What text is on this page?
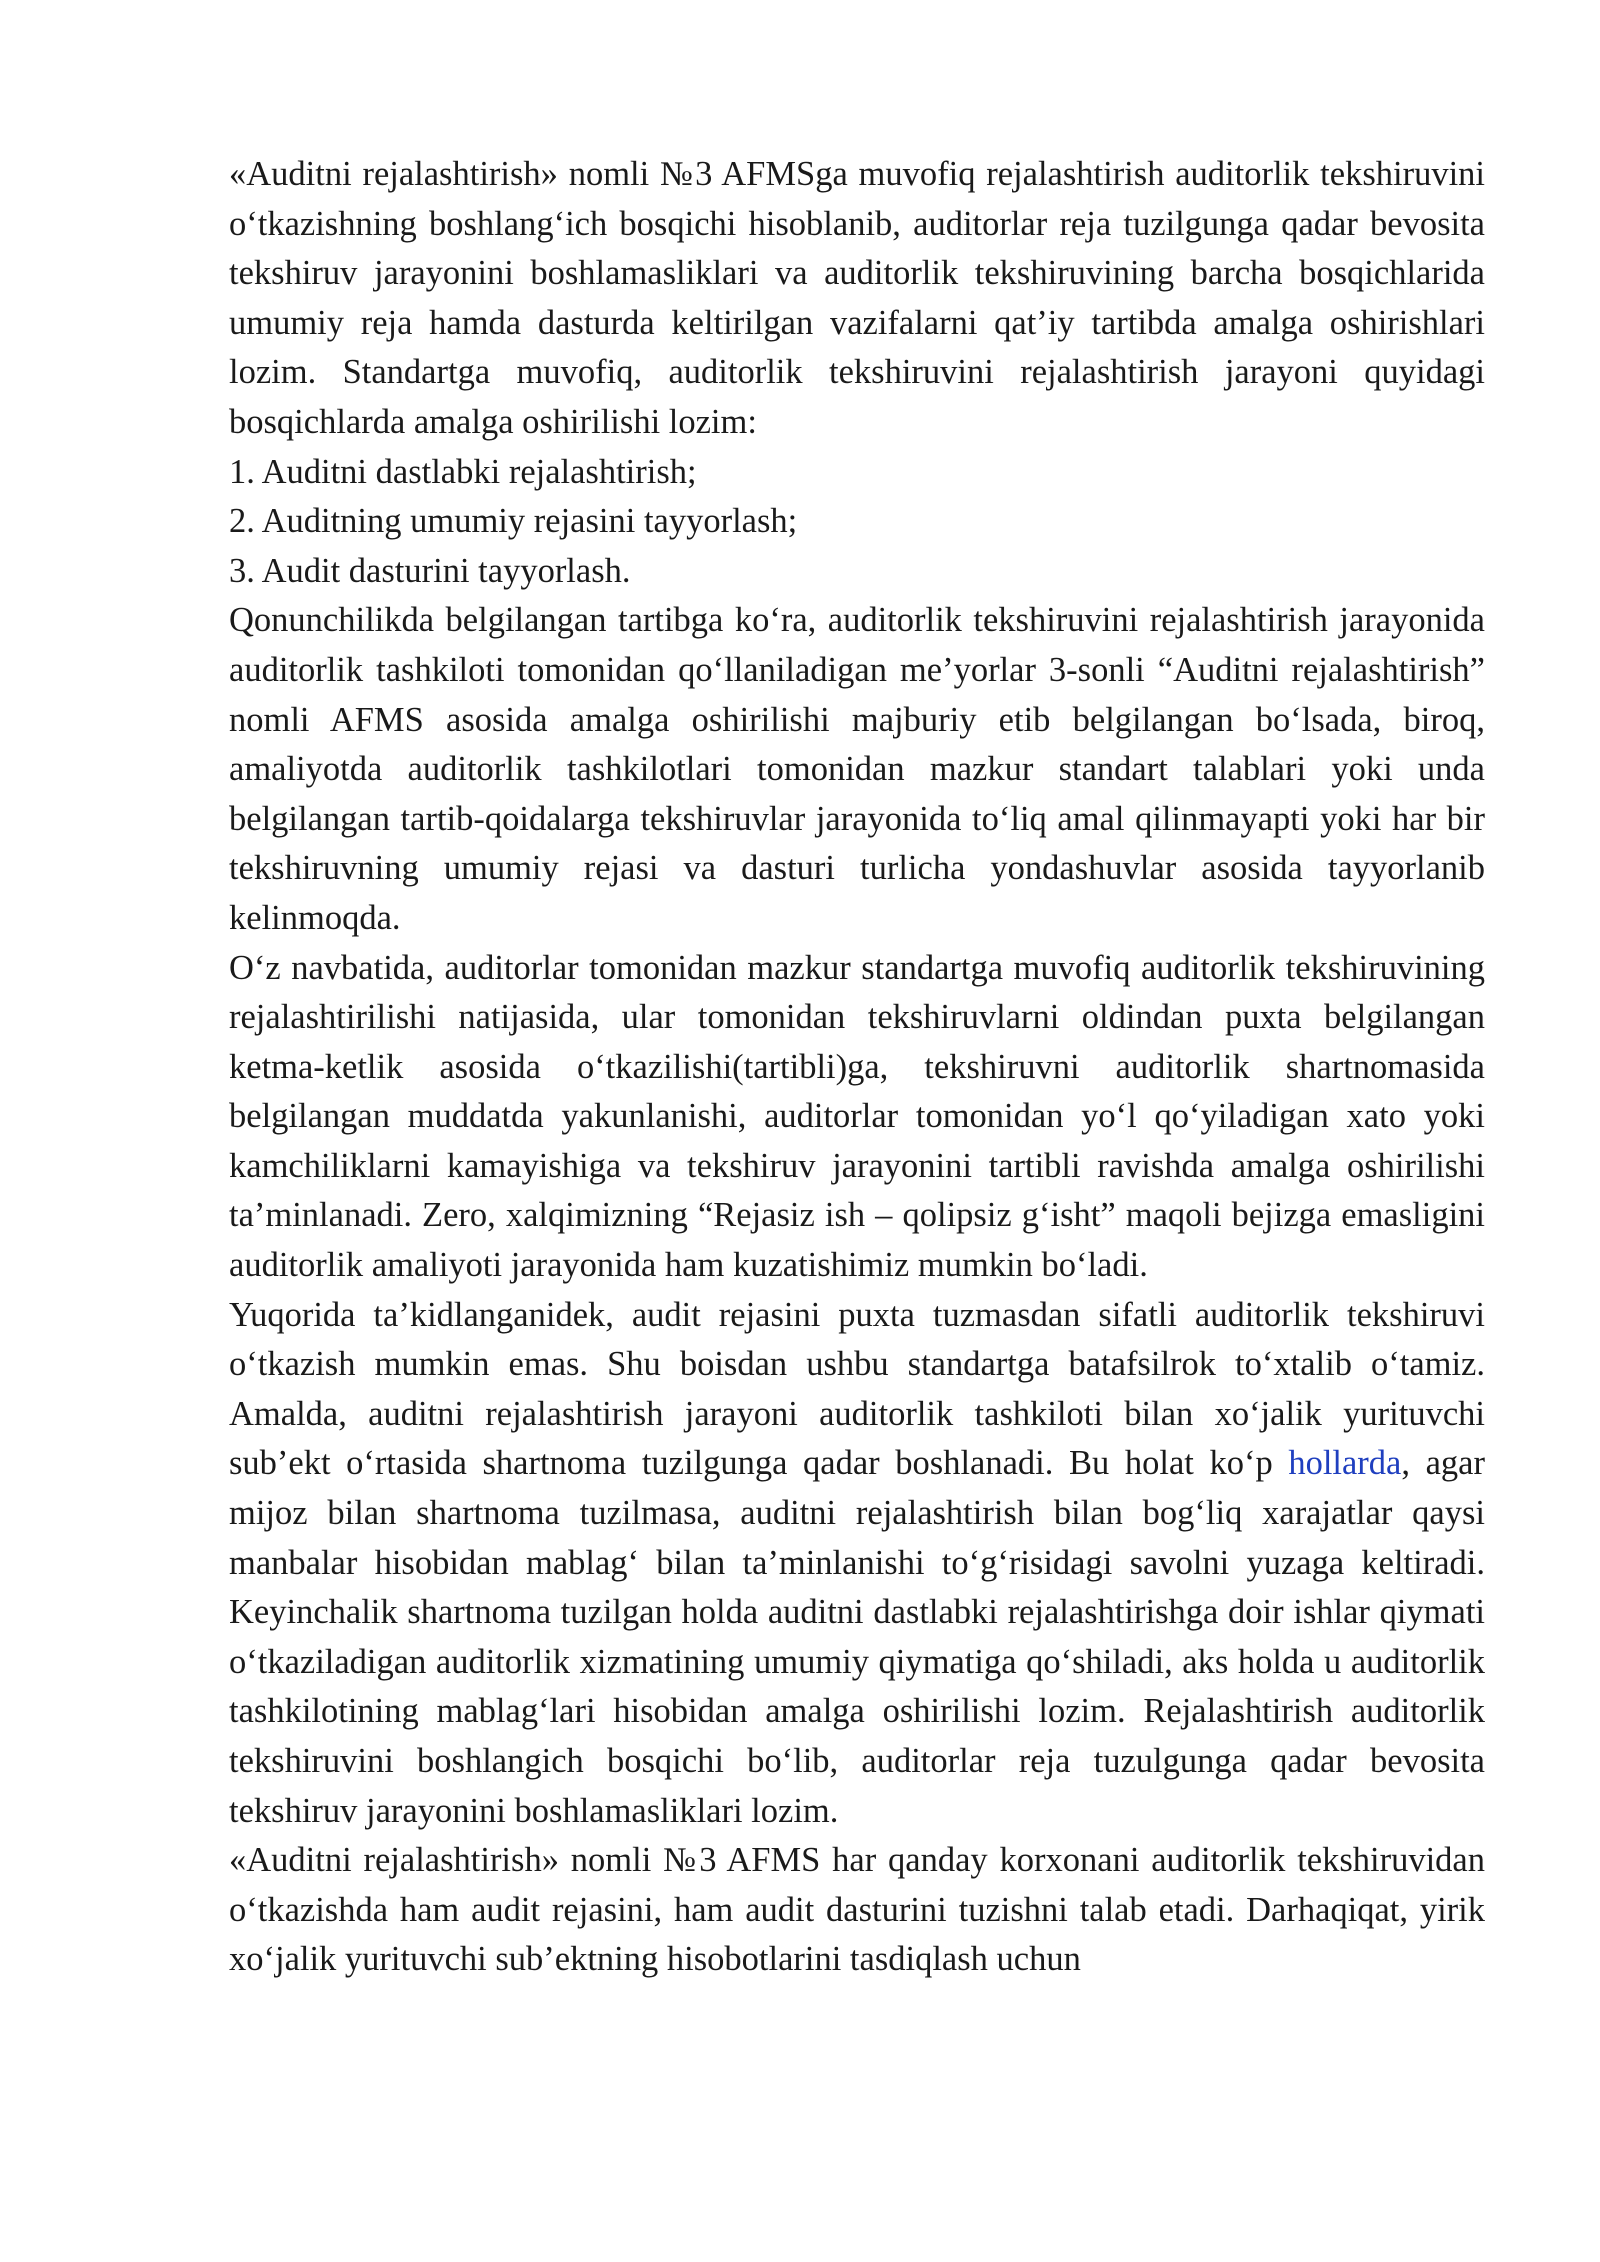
«Auditni rejalashtirish» nomli №3 AFMSga muvofiq rejalashtirish auditorlik tekshiruvini o‘tkazishning boshlang‘ich bosqichi hisoblanib, auditorlar reja tuzilgunga qadar bevosita tekshiruv jarayonini boshlamasliklari va auditorlik tekshiruvining barcha bosqichlarida umumiy reja hamda dasturda keltirilgan vazifalarni qat’iy tartibda amalga oshirishlari lozim. Standartga muvofiq, auditorlik tekshiruvini rejalashtirish jarayoni quyidagi bosqichlarda amalga oshirilishi lozim:

1. Auditni dastlabki rejalashtirish;

2. Auditning umumiy rejasini tayyorlash;

3. Audit dasturini tayyorlash.

Qonunchilikda belgilangan tartibga ko‘ra, auditorlik tekshiruvini rejalashtirish jarayonida auditorlik tashkiloti tomonidan qo‘llaniladigan me’yorlar 3-sonli “Auditni rejalashtirish” nomli AFMS asosida amalga oshirilishi majburiy etib belgilangan bo‘lsada, biroq, amaliyotda auditorlik tashkilotlari tomonidan mazkur standart talablari yoki unda belgilangan tartib-qoidalarga tekshiruvlar jarayonida to‘liq amal qilinmayapti yoki har bir tekshiruvning umumiy rejasi va dasturi turlicha yondashuvlar asosida tayyorlanib kelinmoqda.

O‘z navbatida, auditorlar tomonidan mazkur standartga muvofiq auditorlik tekshiruvining rejalashtirilishi natijasida, ular tomonidan tekshiruvlarni oldindan puxta belgilangan ketma-ketlik asosida o‘tkazilishi(tartibli)ga, tekshiruvni auditorlik shartnomasida belgilangan muddatda yakunlanishi, auditorlar tomonidan yo‘l qo‘yiladigan xato yoki kamchiliklarni kamayishiga va tekshiruv jarayonini tartibli ravishda amalga oshirilishi ta’minlanadi. Zero, xalqimizning “Rejasiz ish – qolipsiz g‘isht” maqoli bejizga emasligini auditorlik amaliyoti jarayonida ham kuzatishimiz mumkin bo‘ladi.

Yuqorida ta’kidlanganidek, audit rejasini puxta tuzmasdan sifatli auditorlik tekshiruvi o‘tkazish mumkin emas. Shu boisdan ushbu standartga batafsilrok to‘xtalib o‘tamiz. Amalda, auditni rejalashtirish jarayoni auditorlik tashkiloti bilan xo‘jalik yurituvchi sub’ekt o‘rtasida shartnoma tuzilgunga qadar boshlanadi. Bu holat ko‘p hollarda, agar mijoz bilan shartnoma tuzilmasa, auditni rejalashtirish bilan bog‘liq xarajatlar qaysi manbalar hisobidan mablag‘ bilan ta’minlanishi to‘g‘risidagi savolni yuzaga keltiradi. Keyinchalik shartnoma tuzilgan holda auditni dastlabki rejalashtirishga doir ishlar qiymati o‘tkaziladigan auditorlik xizmatining umumiy qiymatiga qo‘shiladi, aks holda u auditorlik tashkilotining mablag‘lari hisobidan amalga oshirilishi lozim. Rejalashtirish auditorlik tekshiruvini boshlangich bosqichi bo‘lib, auditorlar reja tuzulgunga qadar bevosita tekshiruv jarayonini boshlamasliklari lozim.

«Auditni rejalashtirish» nomli №3 AFMS har qanday korxonani auditorlik tekshiruvidan o‘tkazishda ham audit rejasini, ham audit dasturini tuzishni talab etadi. Darhaqiqat, yirik xo‘jalik yurituvchi sub’ektning hisobotlarini tasdiqlash uchun
